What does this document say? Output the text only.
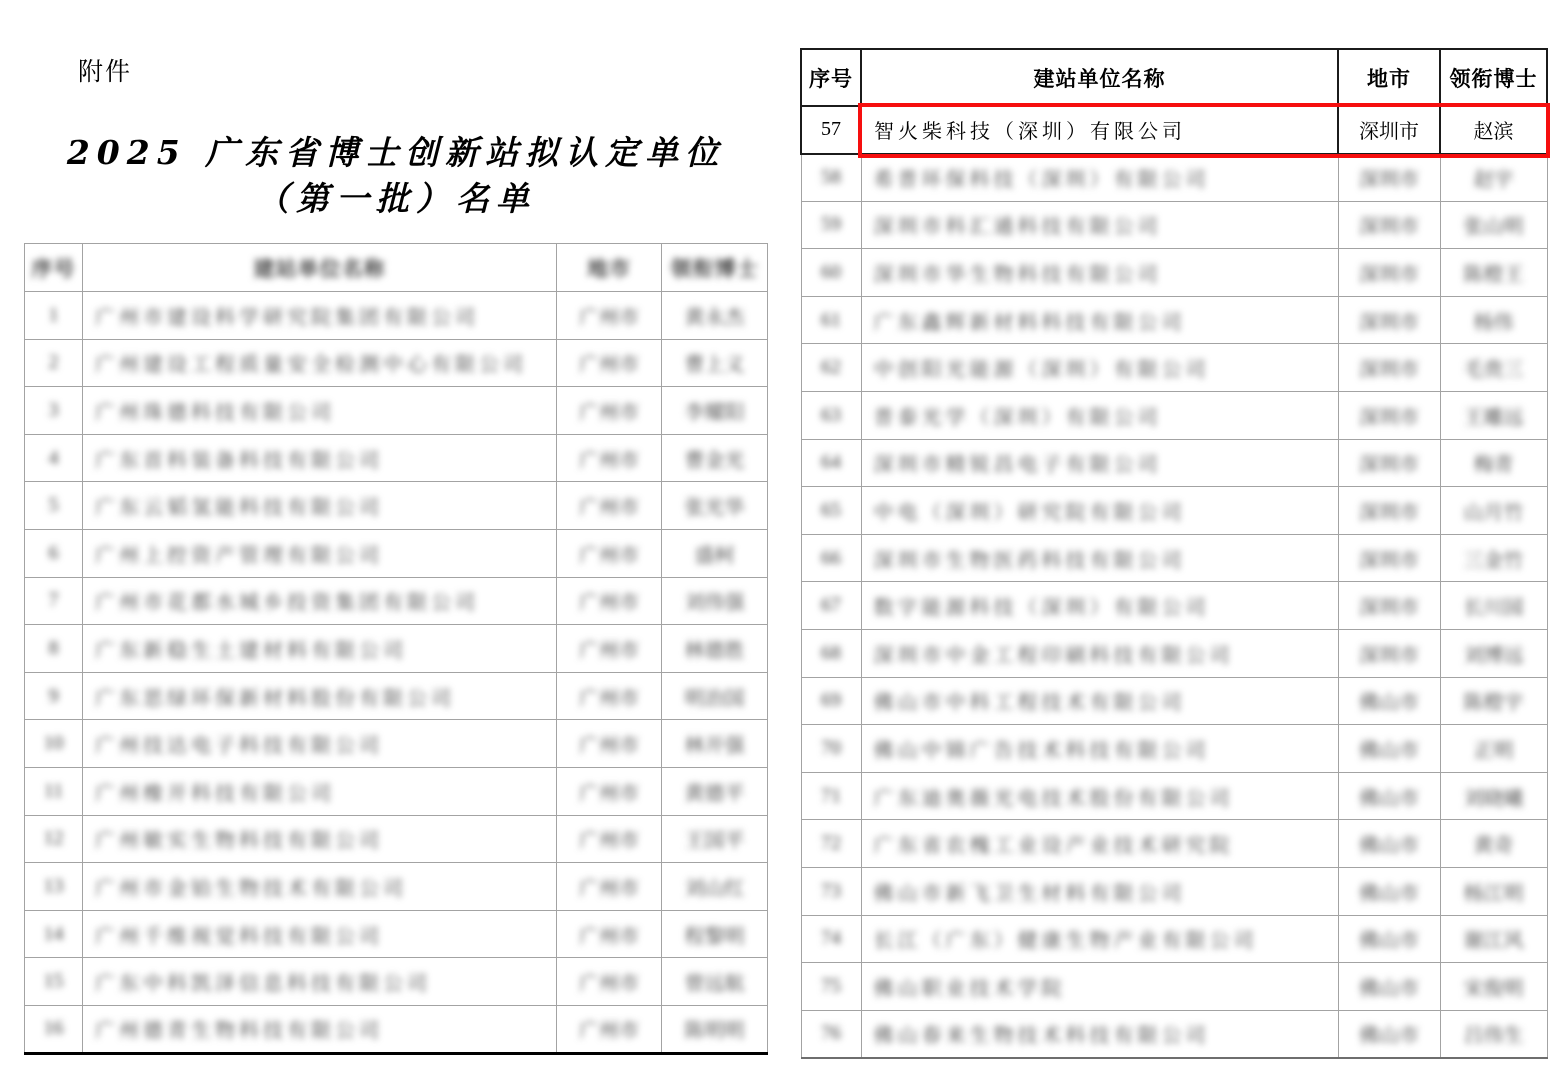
附件
2025 广东省博士创新站拟认定单位
（第一批）名单
序号	建站单位名称	地市	领衔博士
1	广州市建设科学研究院集团有限公司	广州市	黄永杰
2	广州建设工程质量安全检测中心有限公司	广州市	曹上义
3	广州珠德科技有限公司	广州市	李耀阳
4	广东首科装备科技有限公司	广州市	曹金光
5	广东云韬氢能科技有限公司	广州市	张光华
6	广州上控资产管理有限公司	广州市	盛柯
7	广州市花都水城乡投资集团有限公司	广州市	刘伟强
8	广东新稳生土建材料有限公司	广州市	林德胜
9	广东思绿环保新材料股份有限公司	广州市	明治国
10	广州技达电子科技有限公司	广州市	林开强
11	广州橡开科技有限公司	广州市	黄德平
12	广州敏实生物科技有限公司	广州市	王国平
13	广州市金铂生物技术有限公司	广州市	刘山红
14	广州千维视觉科技有限公司	广州市	程黎明
15	广东中科凯泽信息科技有限公司	广州市	曾远航
16	广州德青生物科技有限公司	广州市	陈明明
序号	建站单位名称	地市	领衔博士
57	智火柴科技（深圳）有限公司	深圳市	赵滨
58	希普环保科技（深圳）有限公司	深圳市	赵宇
59	深圳市科汇通科技有限公司	深圳市	张山明
60	深圳市华生物科技有限公司	深圳市	陈橙王
61	广东鑫辉新材料科技有限公司	深圳市	杨伟
62	中创阳光能源（深圳）有限公司	深圳市	毛贵三
63	普泰光学（深圳）有限公司	深圳市	王雕远
64	深圳市精锐昌电子有限公司	深圳市	梅青
65	中电（深圳）研究院有限公司	深圳市	山月竹
66	深圳市生物医药科技有限公司	深圳市	三金竹
67	数字能源科技（深圳）有限公司	深圳市	长川园
68	深圳市中金工程印刷科技有限公司	深圳市	刘博远
69	佛山市中科工程技术有限公司	佛山市	陈橙宇
70	佛山中锦广告技术科技有限公司	佛山市	正明
71	广东迪奥薇光电技术股份有限公司	佛山市	刘晓曦
72	广东省农槐工业设产业技术研究院	佛山市	黄奇
73	佛山市新飞卫生材料有限公司	佛山市	杨江明
74	长江（广东）健康生物产业有限公司	佛山市	谢江风
75	佛山职业技术学院	佛山市	宋俊明
76	佛山春来生物技术科技有限公司	佛山市	吕伟生
